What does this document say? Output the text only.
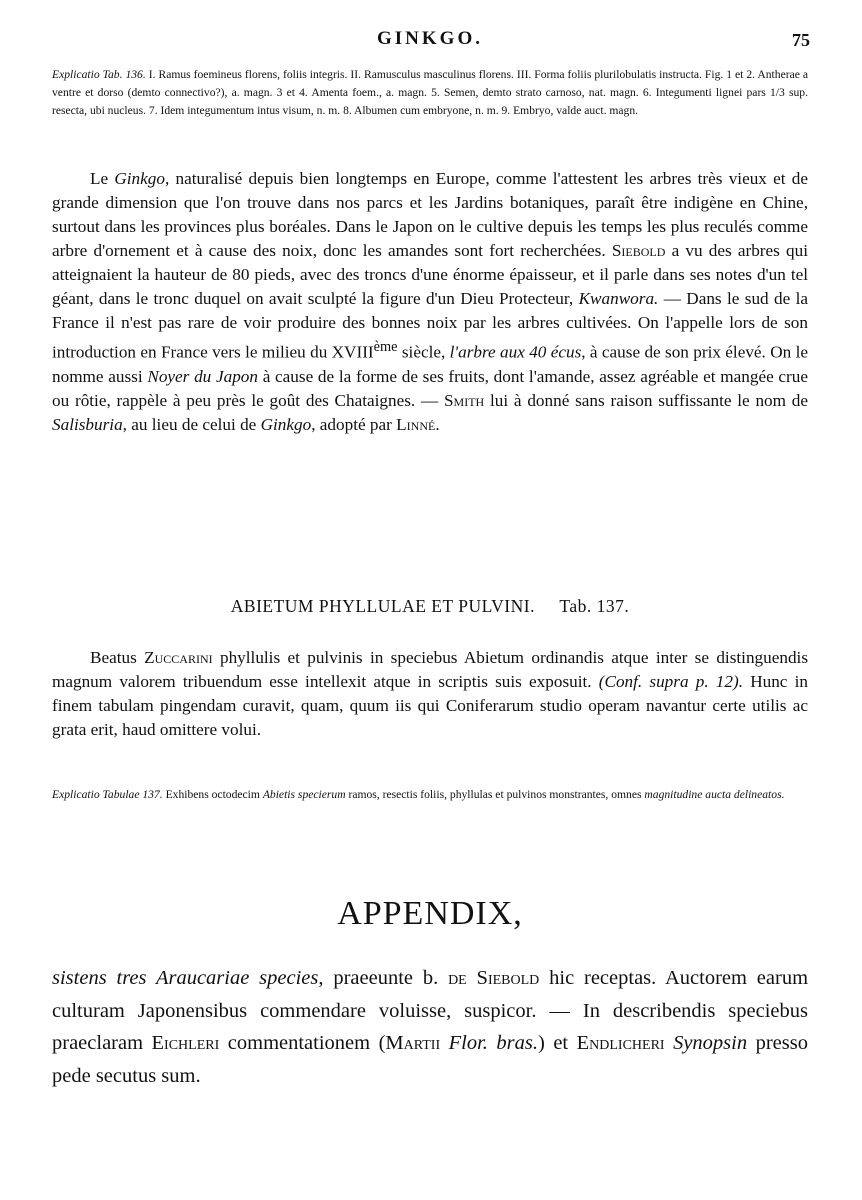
GINKGO.	75
Explicatio Tab. 136. I. Ramus foemineus florens, foliis integris. II. Ramusculus masculinus florens. III. Forma foliis plurilobulatis instructa. Fig. 1 et 2. Antherae a ventre et dorso (demto connectivo?), a. magn. 3 et 4. Amenta foem., a. magn. 5. Semen, demto strato carnoso, nat. magn. 6. Integumenti lignei pars 1/3 sup. resecta, ubi nucleus. 7. Idem integumentum intus visum, n. m. 8. Albumen cum embryone, n. m. 9. Embryo, valde auct. magn.
Le Ginkgo, naturalisé depuis bien longtemps en Europe, comme l'attestent les arbres très vieux et de grande dimension que l'on trouve dans nos parcs et les Jardins botaniques, paraît être indigène en Chine, surtout dans les provinces plus boréales. Dans le Japon on le cultive depuis les temps les plus reculés comme arbre d'ornement et à cause des noix, donc les amandes sont fort recherchées. Siebold a vu des arbres qui atteignaient la hauteur de 80 pieds, avec des troncs d'une énorme épaisseur, et il parle dans ses notes d'un tel géant, dans le tronc duquel on avait sculpté la figure d'un Dieu Protecteur, Kwanwora. — Dans le sud de la France il n'est pas rare de voir produire des bonnes noix par les arbres cultivées. On l'appelle lors de son introduction en France vers le milieu du XVIIIème siècle, l'arbre aux 40 écus, à cause de son prix élevé. On le nomme aussi Noyer du Japon à cause de la forme de ses fruits, dont l'amande, assez agréable et mangée crue ou rôtie, rappèle à peu près le goût des Chataignes. — Smith lui à donné sans raison suffissante le nom de Salisburia, au lieu de celui de Ginkgo, adopté par Linné.
ABIETUM PHYLLULAE ET PULVINI. Tab. 137.
Beatus Zuccarini phyllulis et pulvinis in speciebus Abietum ordinandis atque inter se distinguendis magnum valorem tribuendum esse intellexit atque in scriptis suis exposuit. (Conf. supra p. 12). Hunc in finem tabulam pingendam curavit, quam, quum iis qui Coniferarum studio operam navantur certe utilis ac grata erit, haud omittere volui.
Explicatio Tabulae 137. Exhibens octodecim Abietis specierum ramos, resectis foliis, phyllulas et pulvinos monstrantes, omnes magnitudine aucta delineatos.
APPENDIX,
sistens tres Araucariae species, praeeunte b. de Siebold hic receptas. Auctorem earum culturam Japonensibus commendare voluisse, suspicor. — In describendis speciebus praeclaram Eichleri commentationem (Martii Flor. bras.) et Endlicheri Synopsin presso pede secutus sum.
